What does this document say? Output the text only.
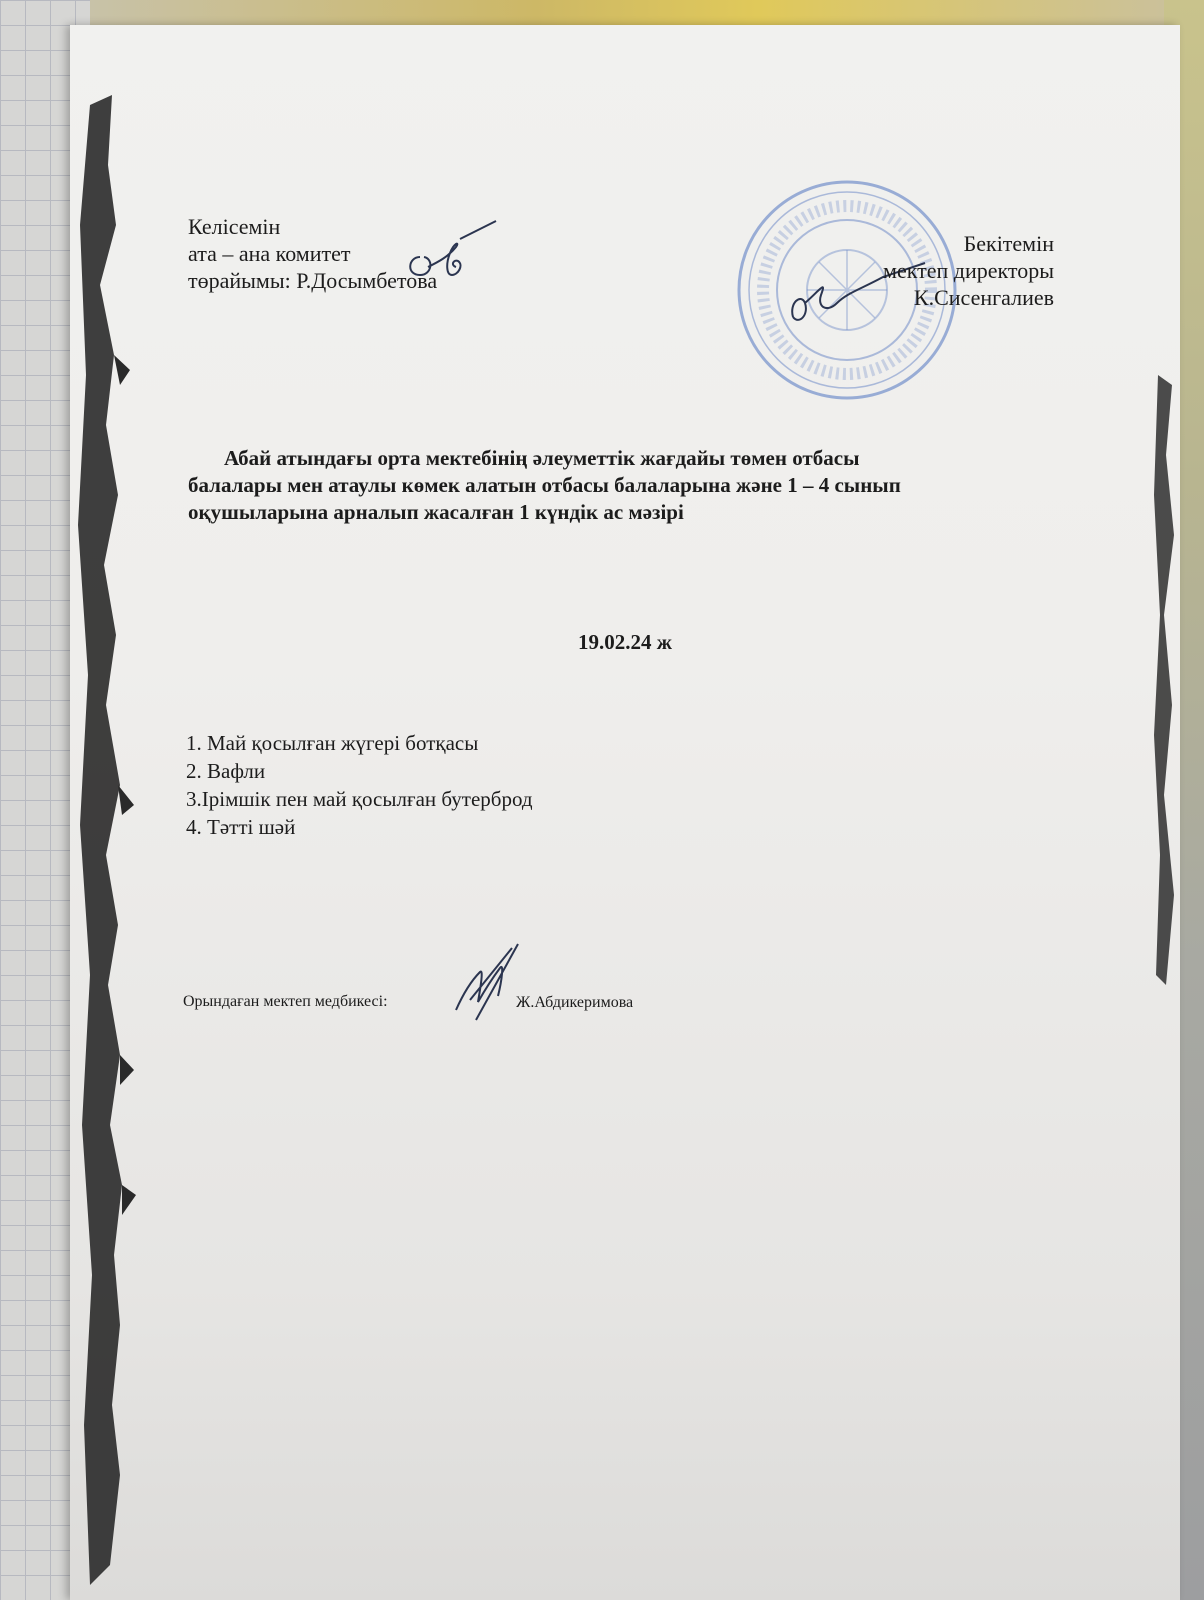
Келісемін
ата – ана комитет
төрайымы: Р.Досымбетова
Бекітемін
мектеп директоры
К.Сисенгалиев
Абай атындағы орта мектебінің әлеуметтік жағдайы төмен отбасы
балалары мен атаулы көмек алатын отбасы балаларына және 1 – 4 сынып
оқушыларына арналып жасалған 1 күндік ас мәзірі
19.02.24 ж
1. Май қосылған жүгері ботқасы
2. Вафли
3.Ірімшік пен май қосылған бутерброд
4. Тәтті шәй
Орындаған мектеп медбикесі:	Ж.Абдикеримова
